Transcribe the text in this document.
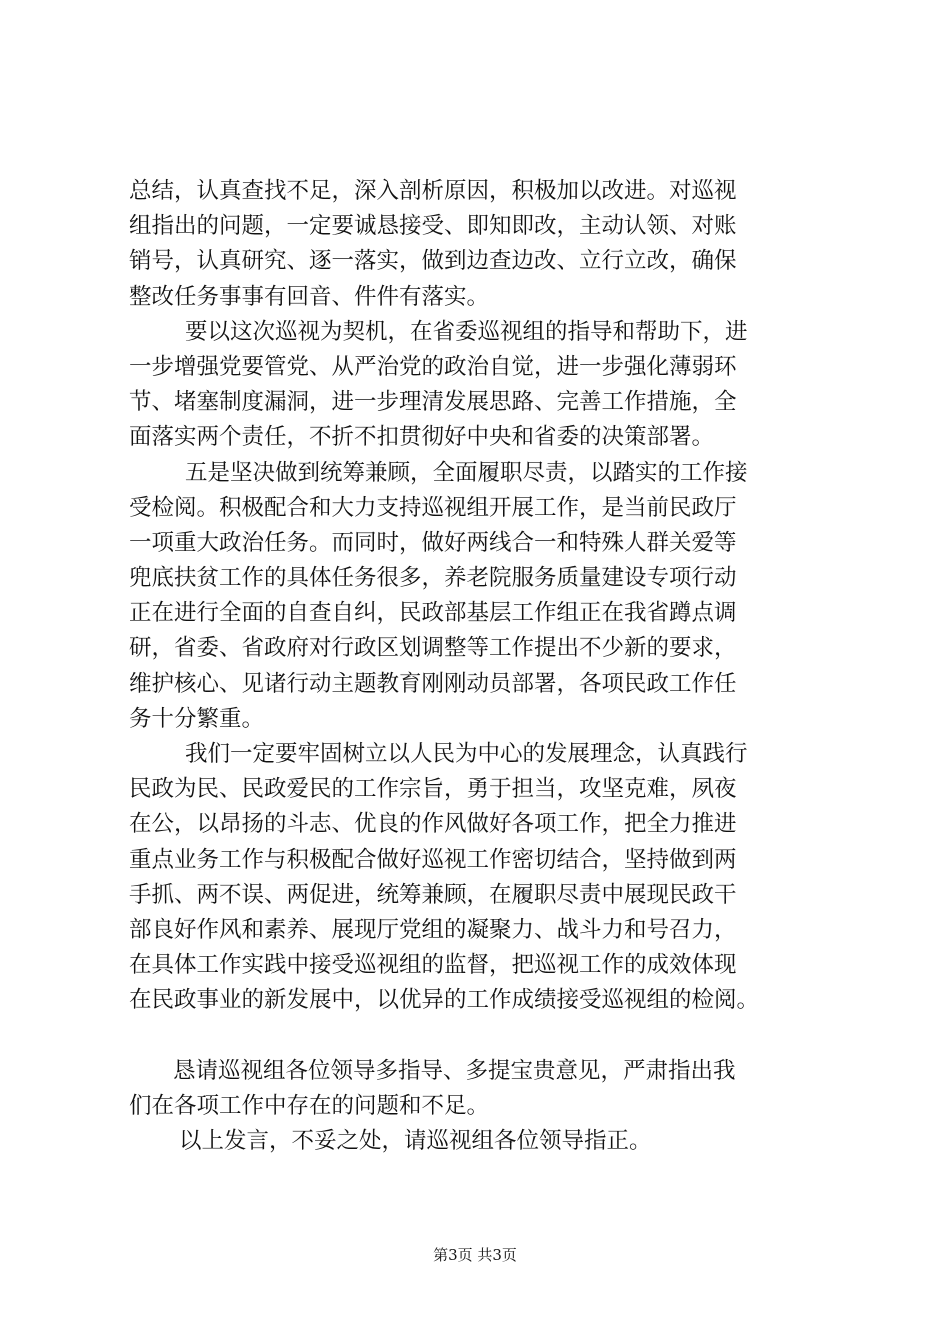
总结，认真查找不足，深入剖析原因，积极加以改进。对巡视
组指出的问题，一定要诚恳接受、即知即改，主动认领、对账
销号，认真研究、逐一落实，做到边查边改、立行立改，确保
整改任务事事有回音、件件有落实。
要以这次巡视为契机，在省委巡视组的指导和帮助下，进
一步增强党要管党、从严治党的政治自觉，进一步强化薄弱环
节、堵塞制度漏洞，进一步理清发展思路、完善工作措施，全
面落实两个责任，不折不扣贯彻好中央和省委的决策部署。
五是坚决做到统筹兼顾，全面履职尽责，以踏实的工作接
受检阅。积极配合和大力支持巡视组开展工作，是当前民政厅
一项重大政治任务。而同时，做好两线合一和特殊人群关爱等
兜底扶贫工作的具体任务很多，养老院服务质量建设专项行动
正在进行全面的自查自纠，民政部基层工作组正在我省蹲点调
研，省委、省政府对行政区划调整等工作提出不少新的要求，
维护核心、见诸行动主题教育刚刚动员部署，各项民政工作任
务十分繁重。
我们一定要牢固树立以人民为中心的发展理念，认真践行
民政为民、民政爱民的工作宗旨，勇于担当，攻坚克难，夙夜
在公，以昂扬的斗志、优良的作风做好各项工作，把全力推进
重点业务工作与积极配合做好巡视工作密切结合，坚持做到两
手抓、两不误、两促进，统筹兼顾，在履职尽责中展现民政干
部良好作风和素养、展现厅党组的凝聚力、战斗力和号召力，
在具体工作实践中接受巡视组的监督，把巡视工作的成效体现
在民政事业的新发展中，以优异的工作成绩接受巡视组的检阅。
恳请巡视组各位领导多指导、多提宝贵意见，严肃指出我
们在各项工作中存在的问题和不足。
以上发言，不妥之处，请巡视组各位领导指正。
第3页 共3页
